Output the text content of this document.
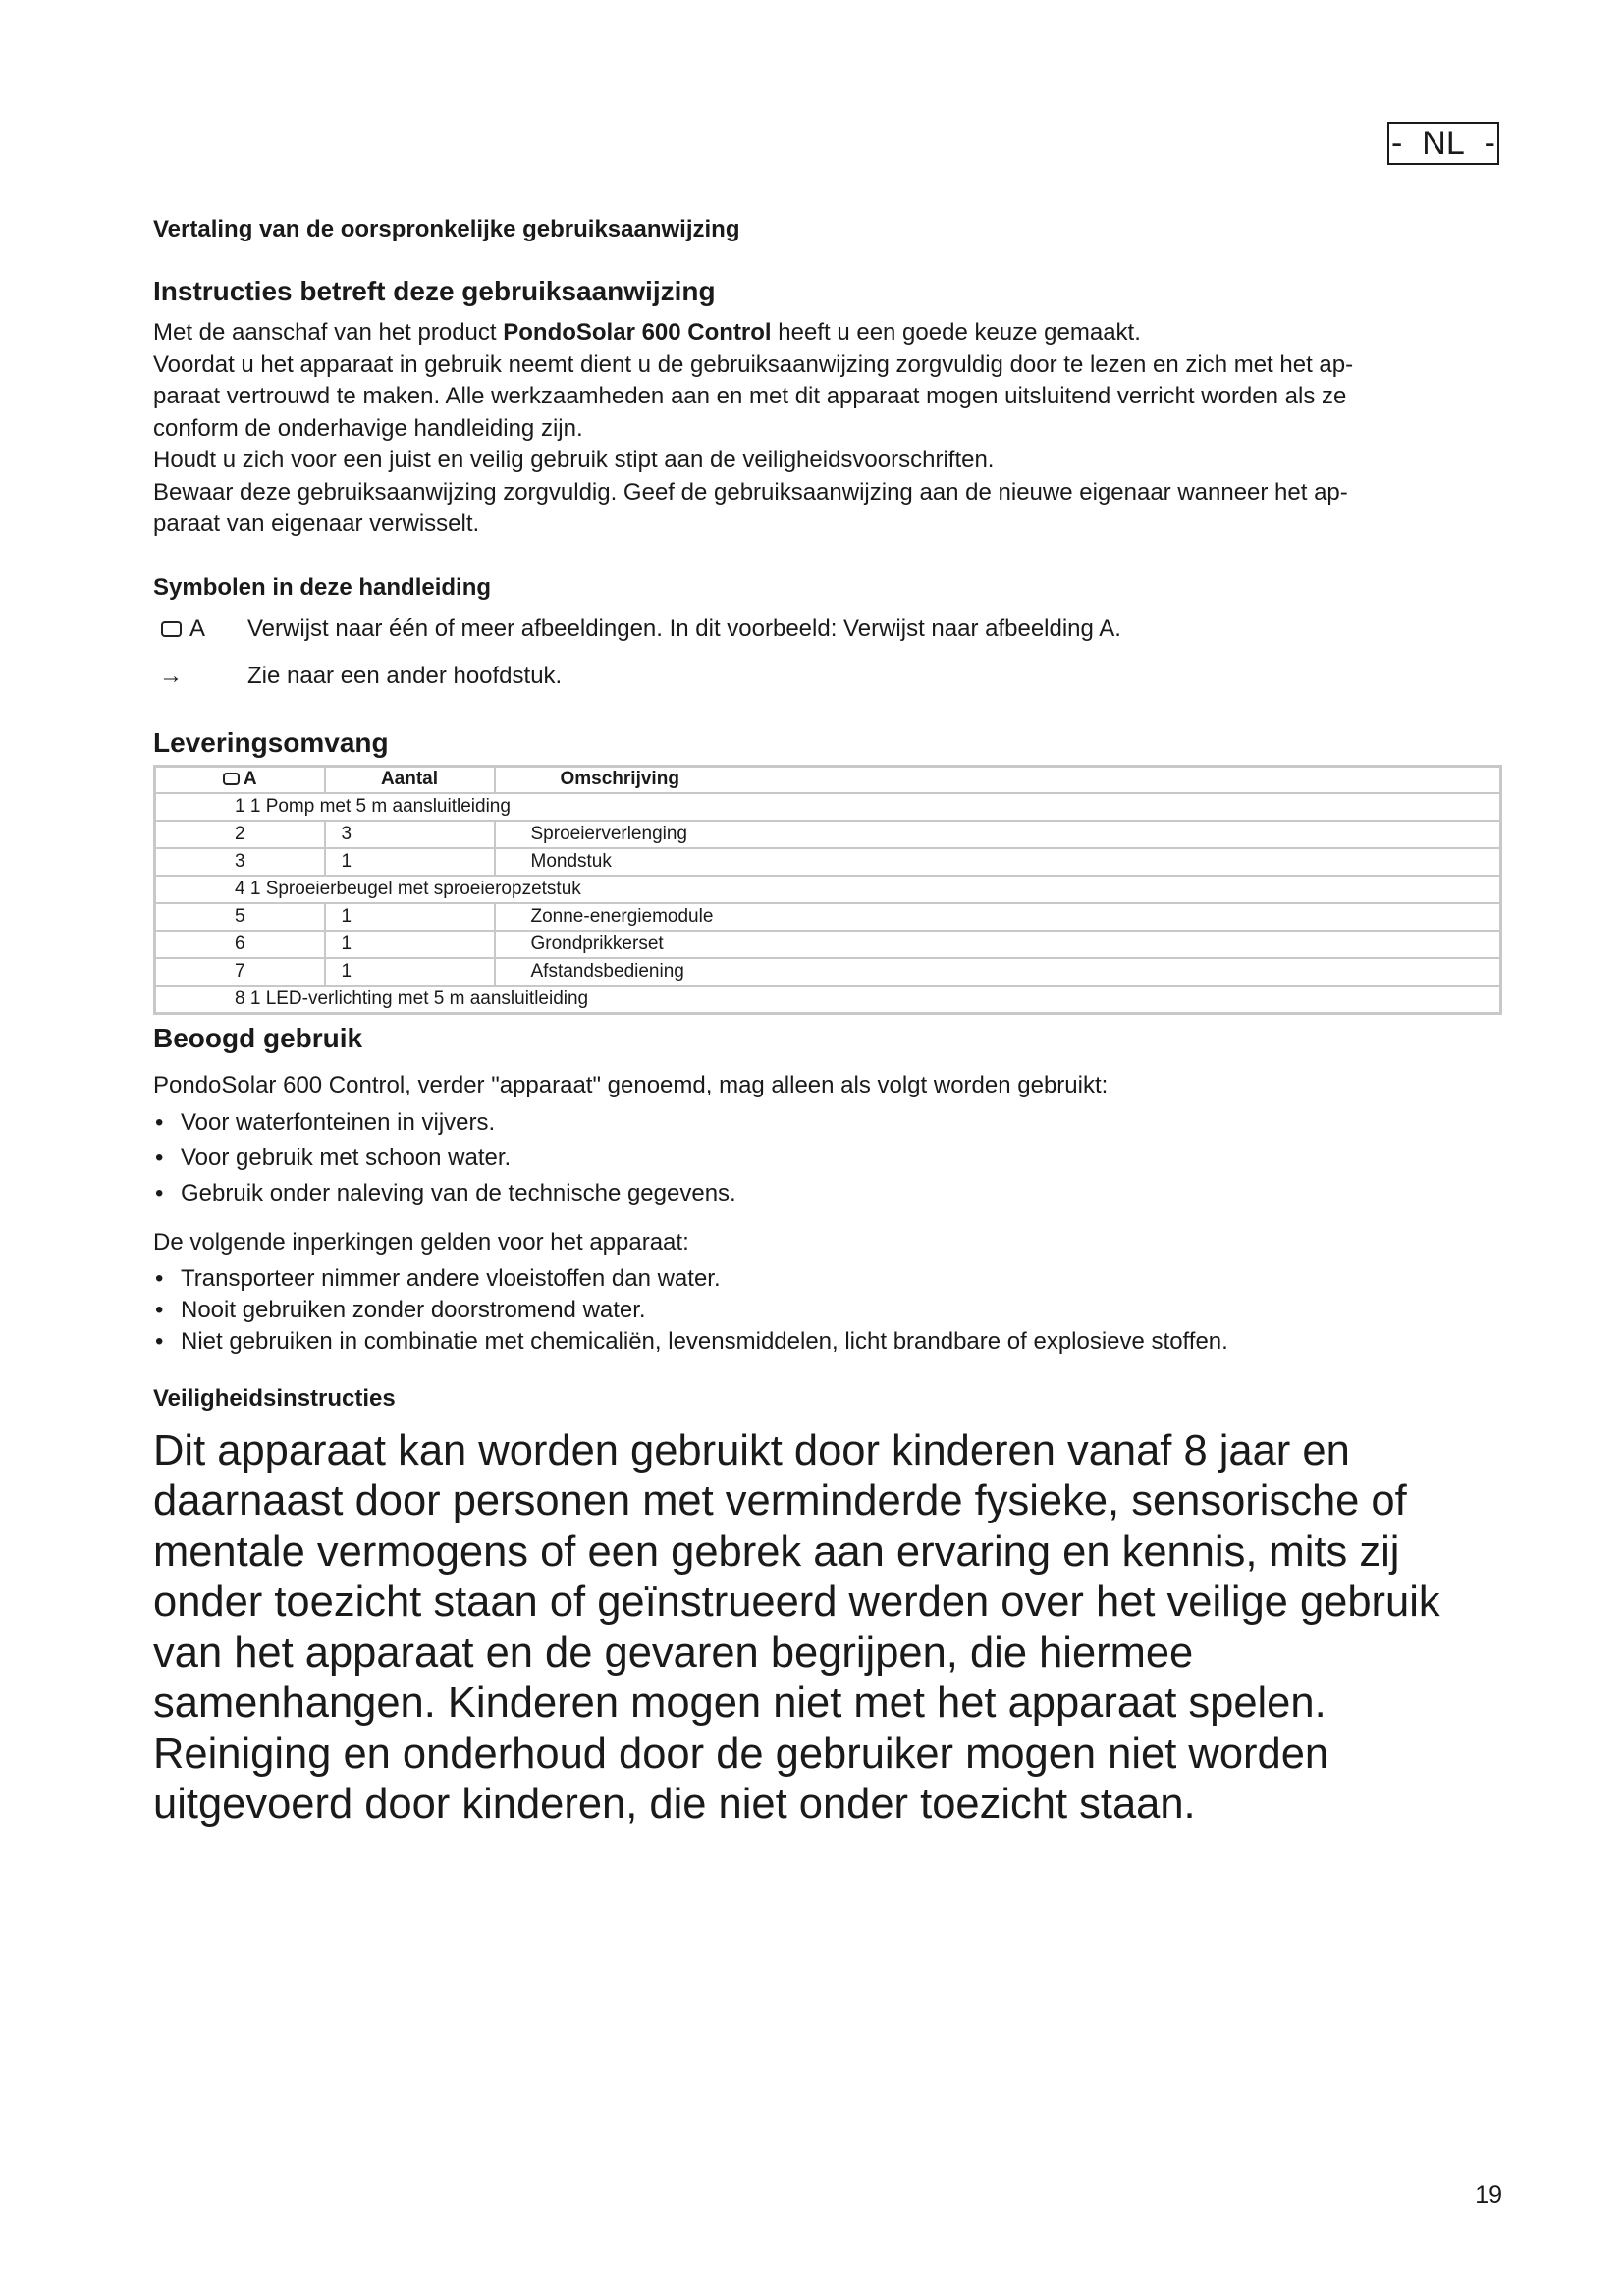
- NL -
Vertaling van de oorspronkelijke gebruiksaanwijzing
Instructies betreft deze gebruiksaanwijzing

Met de aanschaf van het product PondoSolar 600 Control heeft u een goede keuze gemaakt.

Voordat u het apparaat in gebruik neemt dient u de gebruiksaanwijzing zorgvuldig door te lezen en zich met het ap-

paraat vertrouwd te maken. Alle werkzaamheden aan en met dit apparaat mogen uitsluitend verricht worden als ze

conform de onderhavige handleiding zijn.

Houdt u zich voor een juist en veilig gebruik stipt aan de veiligheidsvoorschriften.

Bewaar deze gebruiksaanwijzing zorgvuldig. Geef de gebruiksaanwijzing aan de nieuwe eigenaar wanneer het ap-

paraat van eigenaar verwisselt.

Symbolen in deze handleiding
A Verwijst naar één of meer afbeeldingen. In dit voorbeeld: Verwijst naar afbeelding A.
→	Zie naar een ander hoofdstuk.
Leveringsomvang
A	Aantal	Omschrijving
1 1 Pomp met 5 m aansluitleiding		
2	3	Sproeierverlenging
3	1	Mondstuk
4 1 Sproeierbeugel met sproeieropzetstuk		
5	1	Zonne-energiemodule
6	1	Grondprikkerset
7	1	Afstandsbediening
8 1 LED-verlichting met 5 m aansluitleiding		
Beoogd gebruik

PondoSolar 600 Control, verder "apparaat" genoemd, mag alleen als volgt worden gebruikt:

• Voor waterfonteinen in vijvers.
• Voor gebruik met schoon water.
• Gebruik onder naleving van de technische gegevens.

De volgende inperkingen gelden voor het apparaat:

• Transporteer nimmer andere vloeistoffen dan water.
• Nooit gebruiken zonder doorstromend water.
• Niet gebruiken in combinatie met chemicaliën, levensmiddelen, licht brandbare of explosieve stoffen.
Veiligheidsinstructies
Dit apparaat kan worden gebruikt door kinderen vanaf 8 jaar en
daarnaast door personen met verminderde fysieke, sensorische of
mentale vermogens of een gebrek aan ervaring en kennis, mits zij
onder toezicht staan of geïnstrueerd werden over het veilige gebruik
van het apparaat en de gevaren begrijpen, die hiermee
samenhangen. Kinderen mogen niet met het apparaat spelen.
Reiniging en onderhoud door de gebruiker mogen niet worden
uitgevoerd door kinderen, die niet onder toezicht staan.
19
